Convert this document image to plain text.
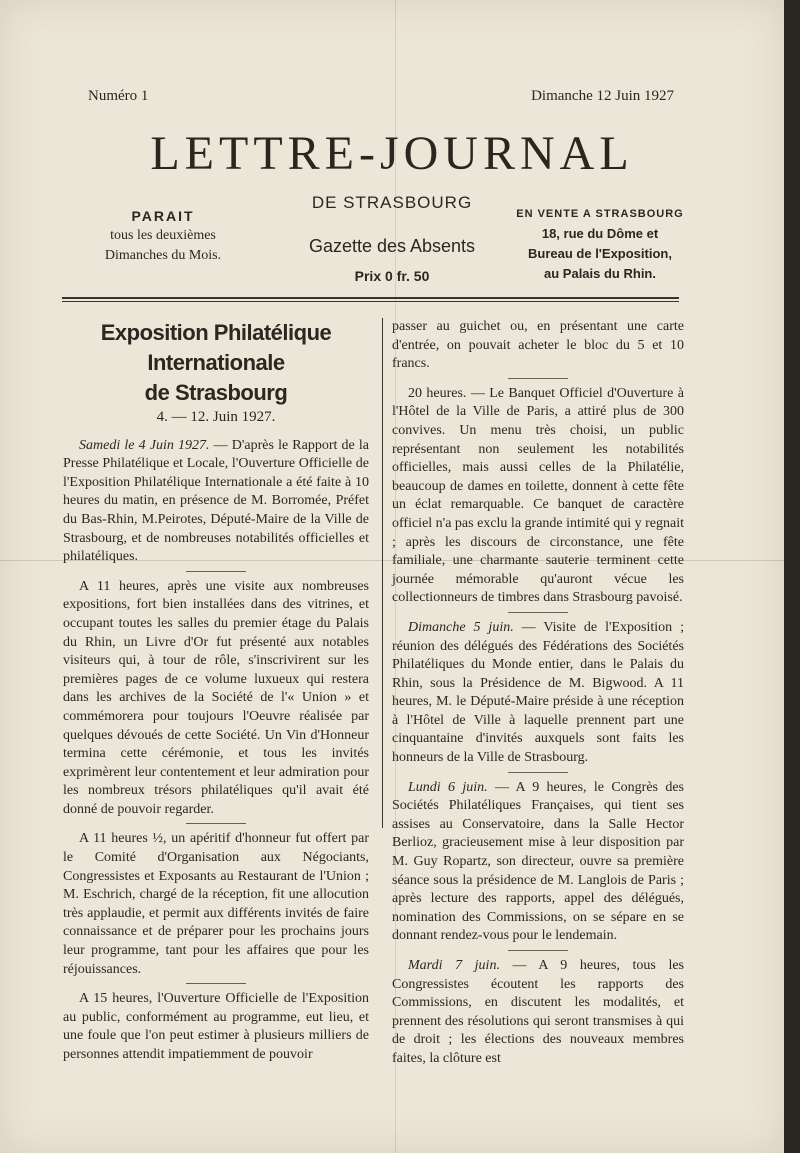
Numéro 1	Dimanche 12 Juin 1927
LETTRE-JOURNAL
DE STRASBOURG
Gazette des Absents
Prix 0 fr. 50
PARAIT
tous les deuxièmes
Dimanches du Mois.
EN VENTE A STRASBOURG
18, rue du Dôme et
Bureau de l'Exposition,
au Palais du Rhin.
Exposition Philatélique Internationale
de Strasbourg
4. — 12. Juin 1927.

Samedi le 4 Juin 1927. — D'après le Rapport de la Presse Philatélique et Locale, l'Ouverture Officielle de l'Exposition Philatélique Internationale a été faite à 10 heures du matin, en présence de M. Borromée, Préfet du Bas-Rhin, M.Peirotes, Député-Maire de la Ville de Strasbourg, et de nombreuses notabilités officielles et philatéliques.

A 11 heures, après une visite aux nombreuses expositions, fort bien installées dans des vitrines, et occupant toutes les salles du premier étage du Palais du Rhin, un Livre d'Or fut présenté aux notables visiteurs qui, à tour de rôle, s'inscrivirent sur les premières pages de ce volume luxueux qui restera dans les archives de la Société de l'« Union » et commémorera pour toujours l'Oeuvre réalisée par quelques dévoués de cette Société. Un Vin d'Honneur termina cette cérémonie, et tous les invités exprimèrent leur contentement et leur admiration pour les nombreux trésors philatéliques qu'il avait été donné de pouvoir regarder.

A 11 heures ½, un apéritif d'honneur fut offert par le Comité d'Organisation aux Négociants, Congressistes et Exposants au Restaurant de l'Union ; M. Eschrich, chargé de la réception, fit une allocution très applaudie, et permit aux différents invités de faire connaissance et de préparer pour les prochains jours leur programme, tant pour les affaires que pour les réjouissances.

A 15 heures, l'Ouverture Officielle de l'Exposition au public, conformément au programme, eut lieu, et une foule que l'on peut estimer à plusieurs milliers de personnes attendit impatiemment de pouvoir

passer au guichet ou, en présentant une carte d'entrée, on pouvait acheter le bloc du 5 et 10 francs.

20 heures. — Le Banquet Officiel d'Ouverture à l'Hôtel de la Ville de Paris, a attiré plus de 300 convives. Un menu très choisi, un public représentant non seulement les notabilités officielles, mais aussi celles de la Philatélie, beaucoup de dames en toilette, donnent à cette fête un éclat remarquable. Ce banquet de caractère officiel n'a pas exclu la grande intimité qui y regnait ; après les discours de circonstance, une fête familiale, une charmante sauterie terminent cette journée mémorable qu'auront vécue les collectionneurs de timbres dans Strasbourg pavoisé.

Dimanche 5 juin. — Visite de l'Exposition ; réunion des délégués des Fédérations des Sociétés Philatéliques du Monde entier, dans le Palais du Rhin, sous la Présidence de M. Bigwood. A 11 heures, M. le Député-Maire préside à une réception à l'Hôtel de Ville à laquelle prennent part une cinquantaine d'invités auxquels sont faits les honneurs de la Ville de Strasbourg.

Lundi 6 juin. — A 9 heures, le Congrès des Sociétés Philatéliques Françaises, qui tient ses assises au Conservatoire, dans la Salle Hector Berlioz, gracieusement mise à leur disposition par M. Guy Ropartz, son directeur, ouvre sa première séance sous la présidence de M. Langlois de Paris ; après lecture des rapports, appel des délégués, nomination des Commissions, on se sépare en se donnant rendez-vous pour le lendemain.

Mardi 7 juin. — A 9 heures, tous les Congressistes écoutent les rapports des Commissions, en discutent les modalités, et prennent des résolutions qui seront transmises à qui de droit ; les élections des nouveaux membres faites, la clôture est
